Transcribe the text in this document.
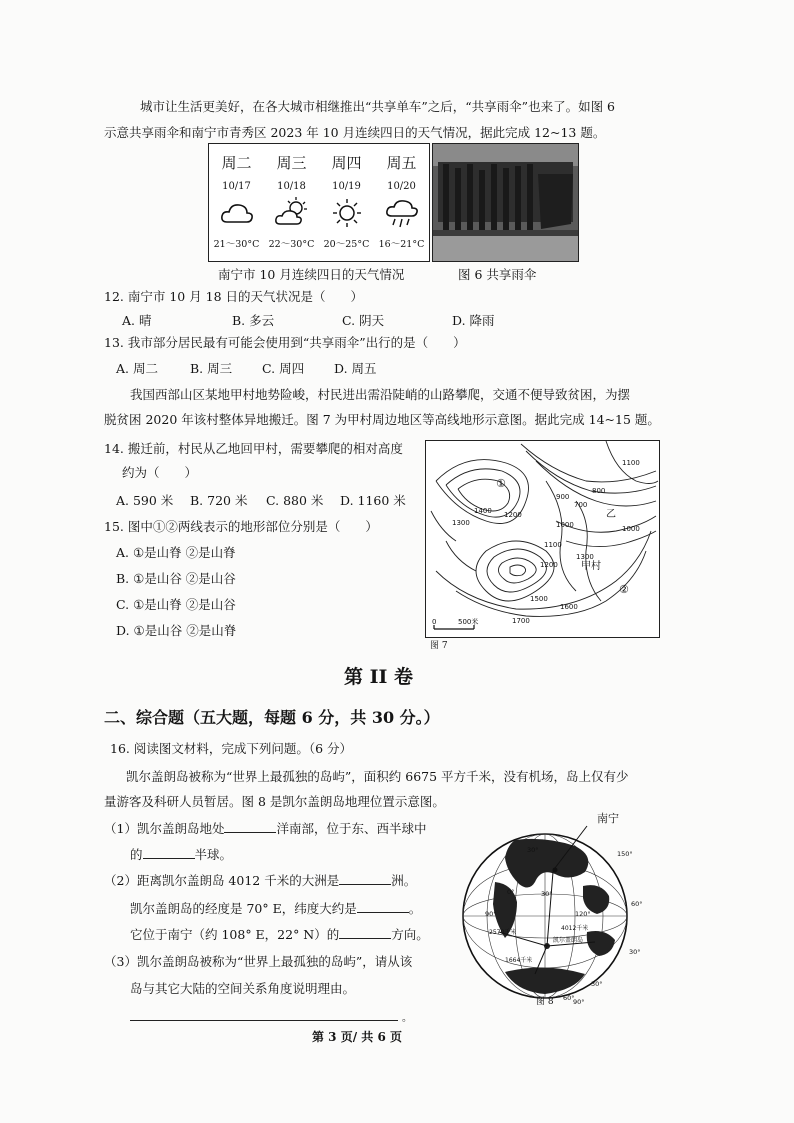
城市让生活更美好，在各大城市相继推出“共享单车”之后，“共享雨伞”也来了。如图 6
示意共享雨伞和南宁市青秀区 2023 年 10 月连续四日的天气情况，据此完成 12~13 题。
周二
10/17
21～30°C
周三
10/18
22～30°C
周四
10/19
20～25°C
周五
10/20
16～21°C
南宁市 10 月连续四日的天气情况	图 6 共享雨伞
12. 南宁市 10 月 18 日的天气状况是（　　）
A. 晴	B. 多云	C. 阴天	D. 降雨
13. 我市部分居民最有可能会使用到“共享雨伞”出行的是（　　）
A. 周二	B. 周三 C. 周四 D. 周五
我国西部山区某地甲村地势险峻，村民进出需沿陡峭的山路攀爬，交通不便导致贫困，为摆
脱贫困 2020 年该村整体异地搬迁。图 7 为甲村周边地区等高线地形示意图。据此完成 14~15 题。
14. 搬迁前，村民从乙地回甲村，需要攀爬的相对高度
约为（　　）
A. 590 米 B. 720 米 C. 880 米 D. 1160 米
15. 图中①②两线表示的地形部位分别是（　　）
A. ①是山脊 ②是山脊
B. ①是山谷 ②是山谷
C. ①是山脊 ②是山谷
D. ①是山谷 ②是山脊
1100
1300
1400 1200
900
800
1000
700
乙
1000
1100
1300
1500
1600
1700
1200 甲村
①
②
0	500米
图 7
第 II 卷
二、综合题（五大题，每题 6 分，共 30 分。）
16. 阅读图文材料，完成下列问题。（6 分）
凯尔盖朗岛被称为“世界上最孤独的岛屿”，面积约 6675 平方千米，没有机场，岛上仅有少
量游客及科研人员暂居。图 8 是凯尔盖朗岛地理位置示意图。
（1）凯尔盖朗岛地处	洋南部，位于东、西半球中
的	半球。
（2）距离凯尔盖朗岛 4012 千米的大洲是	洲。
凯尔盖朗岛的经度是 70° E，纬度大约是	。
它位于南宁（约 108° E，22° N）的	方向。
（3）凯尔盖朗岛被称为“世界上最孤独的岛屿”，请从该
岛与其它大陆的空间关系角度说明理由。
。
南宁
30°
0°	30°
90°	120°
150°
60°
30°
30°
60°
90°
4012千米
2570千米
1664千米
凯尔盖朗岛
图 8
第 3 页/ 共 6 页
